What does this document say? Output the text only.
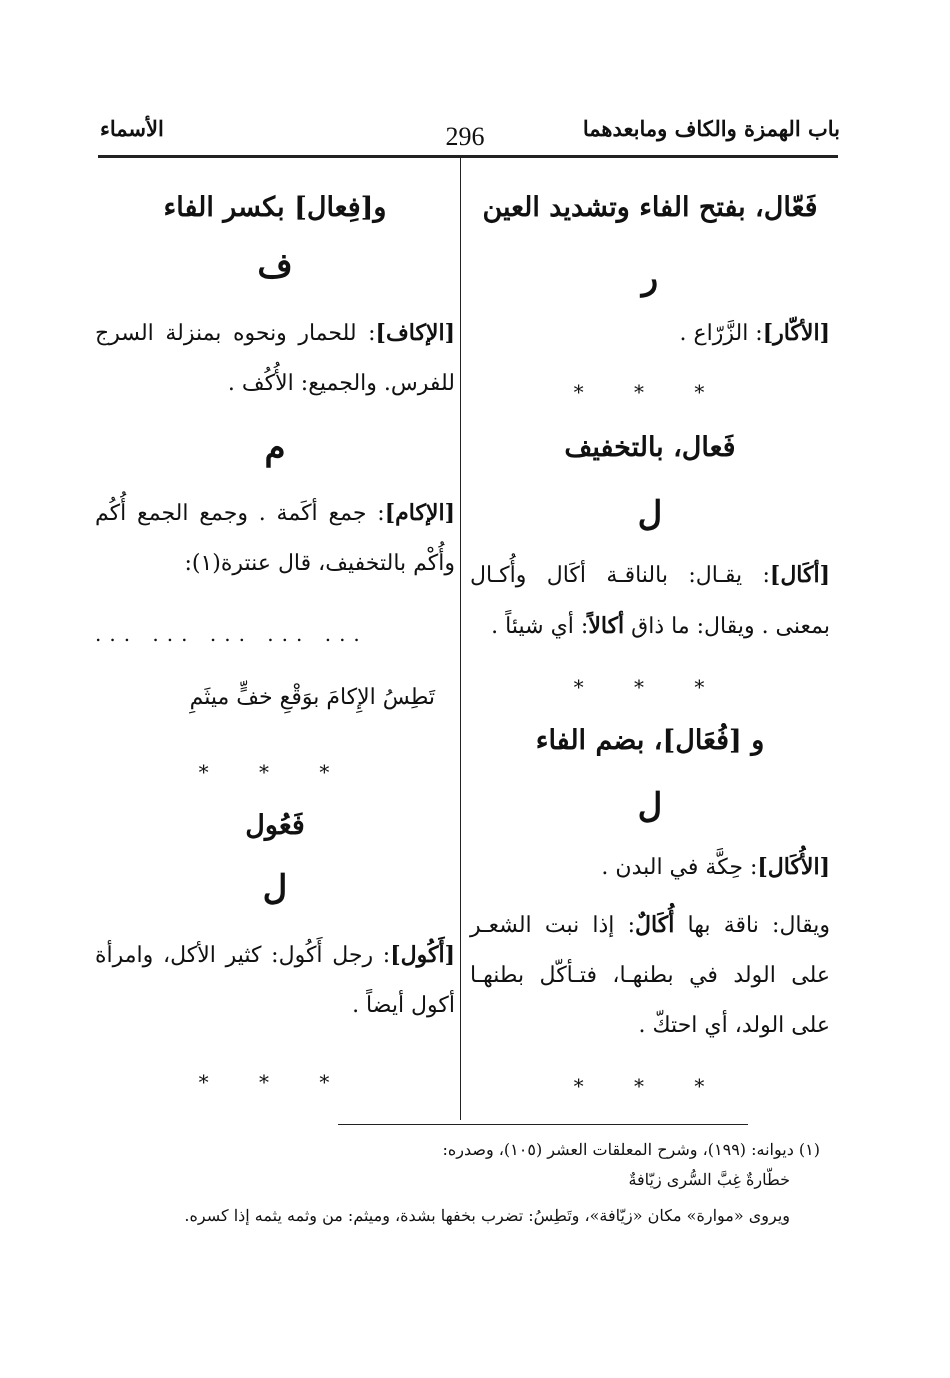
باب الهمزة والكاف ومابعدهما
296
الأسماء
فَعّال، بفتح الفاء وتشديد العين
ر
[الأكّار]: الزَّرّاع .
* * *
فَعال، بالتخفيف
ل
[أكَال]: يقـال: بالناقـة أكَال وأُكـال بمعنى . ويقال: ما ذاق أكالاً: أي شيئاً .
* * *
و [فُعَال]، بضم الفاء
ل
[الأُكَال]: حِكَّة في البدن .
ويقال: ناقة بها أُكَالٌ: إذا نبت الشعـر على الولد في بطنهـا، فتـأكّل بطنهـا على الولد، أي احتكّ .
* * *
و[فِعال] بكسر الفاء
ف
[الإكاف]: للحمار ونحوه بمنزلة السرج للفرس. والجميع: الأُكُف .
م
[الإكام]: جمع أكَمة . وجمع الجمع أُكُم وأُكْم بالتخفيف، قال عنترة(١):
... ... ... ... ...
تَطِسُ الإِكامَ بوَقْعِ خفٍّ ميثَمِ
* * *
فَعُول
ل
[أَكُول]: رجل أَكُول: كثير الأكل، وامرأة أكول أيضاً .
* * *
(١) ديوانه: (١٩٩)، وشرح المعلقات العشر (١٠٥)، وصدره:
خطّارةٌ غِبَّ السُّرى زيّافةٌ
ويروى «موارة» مكان «زيّافة»، وتَطِسُ: تضرب بخفها بشدة، وميثم: من وثمه يثمه إذا كسره.
